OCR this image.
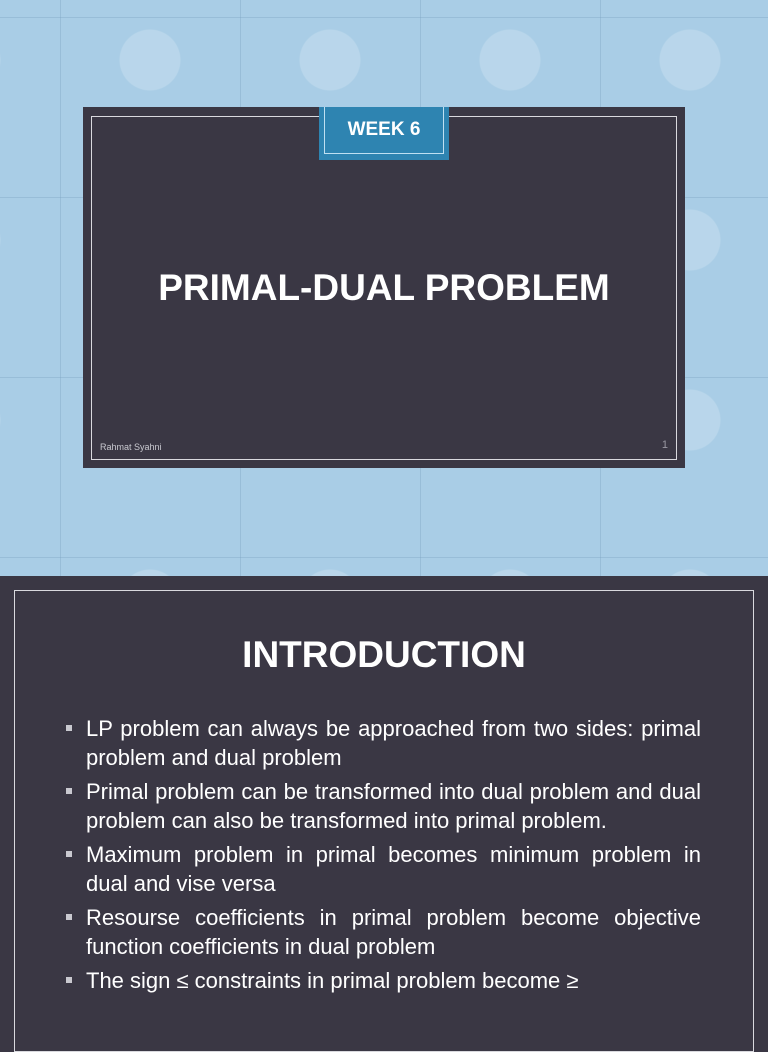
WEEK 6
PRIMAL-DUAL PROBLEM
Rahmat Syahni	1
INTRODUCTION
LP problem can always be approached from two sides: primal problem and dual problem
Primal problem can be transformed into dual problem and dual problem can also be transformed into primal problem.
Maximum problem in primal becomes minimum problem in dual and vise versa
Resourse coefficients in primal problem become objective function coefficients in dual problem
The sign ≤ constraints in primal problem become ≥
